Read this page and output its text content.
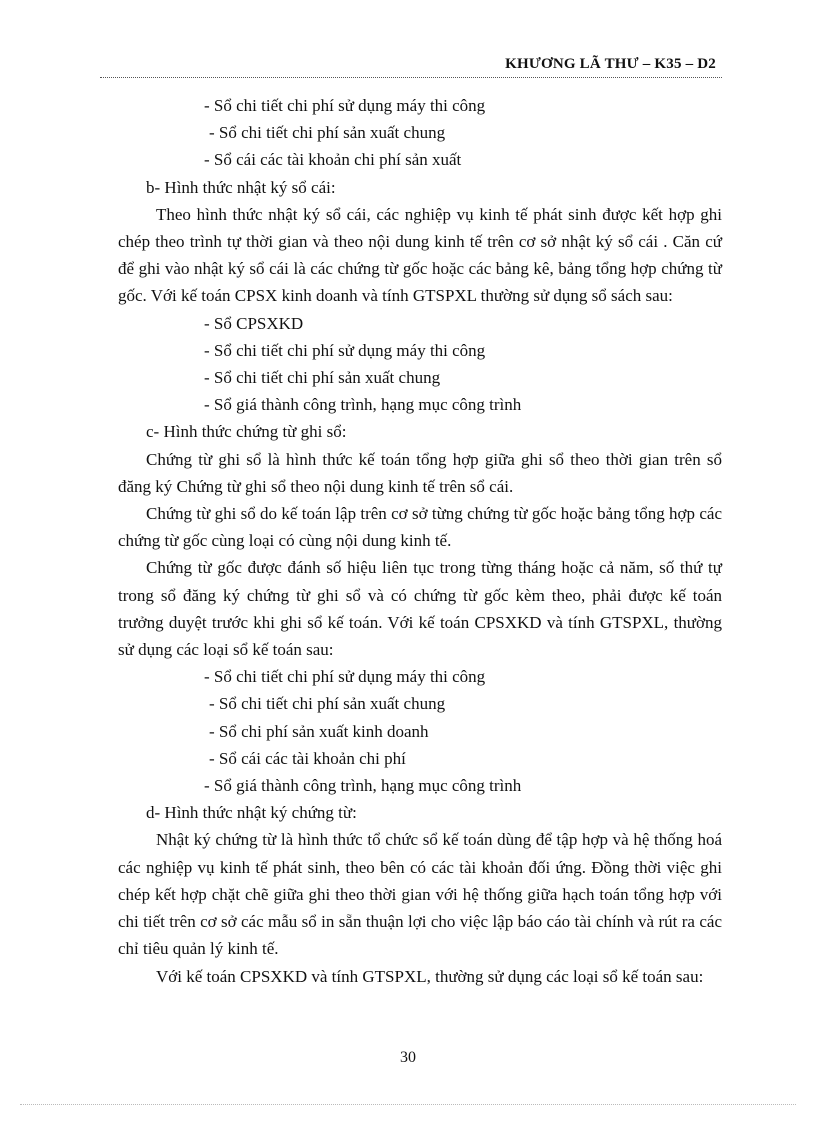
KHƯƠNG LÃ THƯ – K35 – D2

- Sổ chi tiết chi phí sử dụng máy thi công

- Sổ chi tiết chi phí sản xuất chung

- Sổ cái các tài khoản chi phí sản xuất

b- Hình thức nhật ký sổ cái:

Theo hình thức nhật ký sổ cái, các nghiệp vụ kinh tế phát sinh được kết hợp ghi chép theo trình tự thời gian và theo nội dung kinh tế trên cơ sở nhật ký sổ cái . Căn cứ để ghi vào nhật ký sổ cái là các chứng từ gốc hoặc các bảng kê, bảng tổng hợp chứng từ gốc. Với kế toán CPSX kinh doanh và tính GTSPXL thường sử dụng sổ sách sau:

- Sổ CPSXKD

- Sổ chi tiết chi phí sử dụng máy thi công

- Sổ chi tiết chi phí sản xuất chung

- Sổ giá thành công trình, hạng mục công trình

c- Hình thức chứng từ ghi sổ:

Chứng từ ghi sổ là hình thức kế toán tổng hợp giữa ghi sổ theo thời gian trên sổ đăng ký Chứng từ ghi sổ theo nội dung kinh tế trên sổ cái.

Chứng từ ghi sổ do kế toán lập trên cơ sở từng chứng từ gốc hoặc bảng tổng hợp các chứng từ gốc cùng loại có cùng nội dung kinh tế.

Chứng từ gốc được đánh số hiệu liên tục trong từng tháng hoặc cả năm, số thứ tự trong sổ đăng ký chứng từ ghi sổ và có chứng từ gốc kèm theo, phải được kế toán trưởng duyệt trước khi ghi sổ kế toán. Với kế toán CPSXKD và tính GTSPXL, thường sử dụng các loại sổ kế toán sau:

- Sổ chi tiết chi phí sử dụng máy thi công

- Sổ chi tiết chi phí sản xuất chung

- Sổ chi phí sản xuất kinh doanh

- Sổ cái các tài khoản chi phí

- Sổ giá thành công trình, hạng mục công trình

d- Hình thức nhật ký chứng từ:

Nhật ký chứng từ là hình thức tổ chức sổ kế toán dùng để tập hợp và hệ thống hoá các nghiệp vụ kinh tế phát sinh, theo bên có các tài khoản đối ứng. Đồng thời việc ghi chép kết hợp chặt chẽ giữa ghi theo thời gian với hệ thống giữa hạch toán tổng hợp với chi tiết trên cơ sở các mẫu sổ in sẵn thuận lợi cho việc lập báo cáo tài chính và rút ra các chỉ tiêu quản lý kinh tế.

Với kế toán CPSXKD và tính GTSPXL, thường sử dụng các loại sổ kế toán sau:

30
